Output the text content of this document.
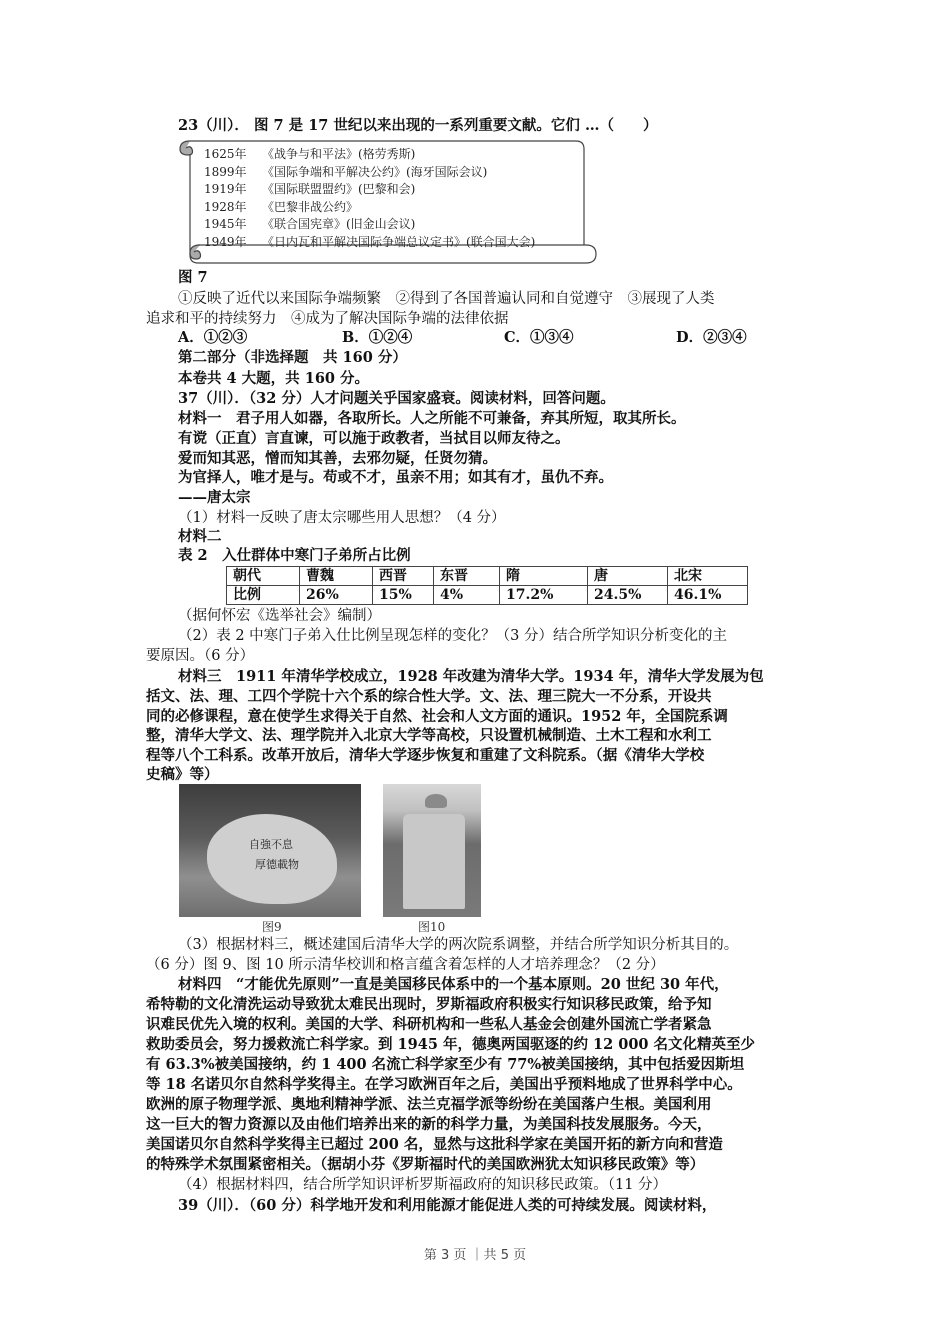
23（川）． 图 7 是 17 世纪以来出现的一系列重要文献。它们 …（　　）
1625年 《战争与和平法》(格劳秀斯)
1899年 《国际争端和平解决公约》(海牙国际会议)
1919年 《国际联盟盟约》(巴黎和会)
1928年 《巴黎非战公约》
1945年 《联合国宪章》(旧金山会议)
1949年 《日内瓦和平解决国际争端总议定书》(联合国大会)
图 7
①反映了近代以来国际争端频繁　②得到了各国普遍认同和自觉遵守　③展现了人类
追求和平的持续努力　④成为了解决国际争端的法律依据
A．①②③	B．①②④	C．①③④	D．②③④
第二部分（非选择题　共 160 分）
本卷共 4 大题，共 160 分。
37（川）．（32 分）人才问题关乎国家盛衰。阅读材料，回答问题。
材料一　君子用人如器，各取所长。人之所能不可兼备，弃其所短，取其所长。
有谠（正直）言直谏，可以施于政教者，当拭目以师友待之。
爱而知其恶，憎而知其善，去邪勿疑，任贤勿猜。
为官择人，唯才是与。苟或不才，虽亲不用；如其有才，虽仇不弃。
——唐太宗
（1）材料一反映了唐太宗哪些用人思想？（4 分）
材料二
表 2　入仕群体中寒门子弟所占比例
朝代	曹魏	西晋	东晋	隋	唐	北宋
比例	26%	15%	4%	17.2%	24.5%	46.1%
（据何怀宏《选举社会》编制）
（2）表 2 中寒门子弟入仕比例呈现怎样的变化？（3 分）结合所学知识分析变化的主
要原因。（6 分）
材料三　1911 年清华学校成立，1928 年改建为清华大学。1934 年，清华大学发展为包
括文、法、理、工四个学院十六个系的综合性大学。文、法、理三院大一不分系，开设共
同的必修课程，意在使学生求得关于自然、社会和人文方面的通识。1952 年，全国院系调
整，清华大学文、法、理学院并入北京大学等高校，只设置机械制造、土木工程和水利工
程等八个工科系。改革开放后，清华大学逐步恢复和重建了文科院系。（据《清华大学校
史稿》等）
自強不息
厚德載物
图9	图10
（3）根据材料三，概述建国后清华大学的两次院系调整，并结合所学知识分析其目的。
（6 分）图 9、图 10 所示清华校训和格言蕴含着怎样的人才培养理念？（2 分）
材料四　“才能优先原则”一直是美国移民体系中的一个基本原则。20 世纪 30 年代，
希特勒的文化清洗运动导致犹太难民出现时，罗斯福政府积极实行知识移民政策，给予知
识难民优先入境的权利。美国的大学、科研机构和一些私人基金会创建外国流亡学者紧急
救助委员会，努力援救流亡科学家。到 1945 年，德奥两国驱逐的约 12 000 名文化精英至少
有 63.3%被美国接纳，约 1 400 名流亡科学家至少有 77%被美国接纳，其中包括爱因斯坦
等 18 名诺贝尔自然科学奖得主。在学习欧洲百年之后，美国出乎预料地成了世界科学中心。
欧洲的原子物理学派、奥地利精神学派、法兰克福学派等纷纷在美国落户生根。美国利用
这一巨大的智力资源以及由他们培养出来的新的科学力量，为美国科技发展服务。今天，
美国诺贝尔自然科学奖得主已超过 200 名，显然与这批科学家在美国开拓的新方向和营造
的特殊学术氛围紧密相关。（据胡小芬《罗斯福时代的美国欧洲犹太知识移民政策》等）
（4）根据材料四，结合所学知识评析罗斯福政府的知识移民政策。（11 分）
39（川）．（60 分）科学地开发和利用能源才能促进人类的可持续发展。阅读材料，
第 3 页 ｜共 5 页
